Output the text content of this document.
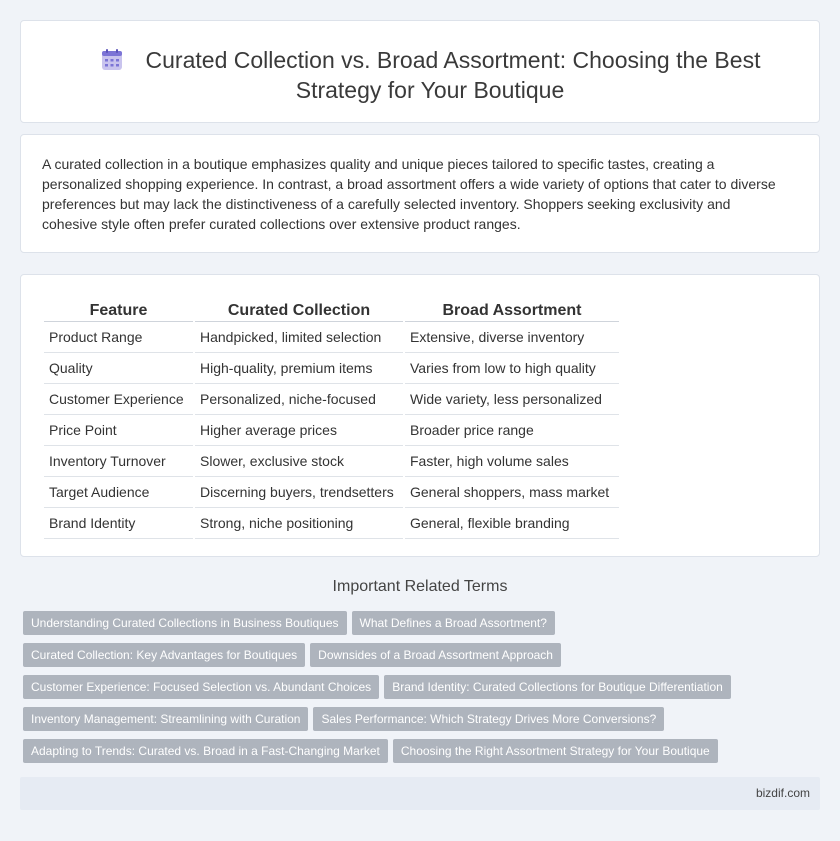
Curated Collection vs. Broad Assortment: Choosing the Best Strategy for Your Boutique

A curated collection in a boutique emphasizes quality and unique pieces tailored to specific tastes, creating a personalized shopping experience. In contrast, a broad assortment offers a wide variety of options that cater to diverse preferences but may lack the distinctiveness of a carefully selected inventory. Shoppers seeking exclusivity and cohesive style often prefer curated collections over extensive product ranges.

Feature	Curated Collection	Broad Assortment
Product Range	Handpicked, limited selection	Extensive, diverse inventory
Quality	High-quality, premium items	Varies from low to high quality
Customer Experience	Personalized, niche-focused	Wide variety, less personalized
Price Point	Higher average prices	Broader price range
Inventory Turnover	Slower, exclusive stock	Faster, high volume sales
Target Audience	Discerning buyers, trendsetters	General shoppers, mass market
Brand Identity	Strong, niche positioning	General, flexible branding
Important Related Terms
Understanding Curated Collections in Business Boutiques What Defines a Broad Assortment?
Curated Collection: Key Advantages for Boutiques Downsides of a Broad Assortment Approach
Customer Experience: Focused Selection vs. Abundant Choices Brand Identity: Curated Collections for Boutique Differentiation
Inventory Management: Streamlining with Curation Sales Performance: Which Strategy Drives More Conversions?
Adapting to Trends: Curated vs. Broad in a Fast-Changing Market Choosing the Right Assortment Strategy for Your Boutique
bizdif.com
